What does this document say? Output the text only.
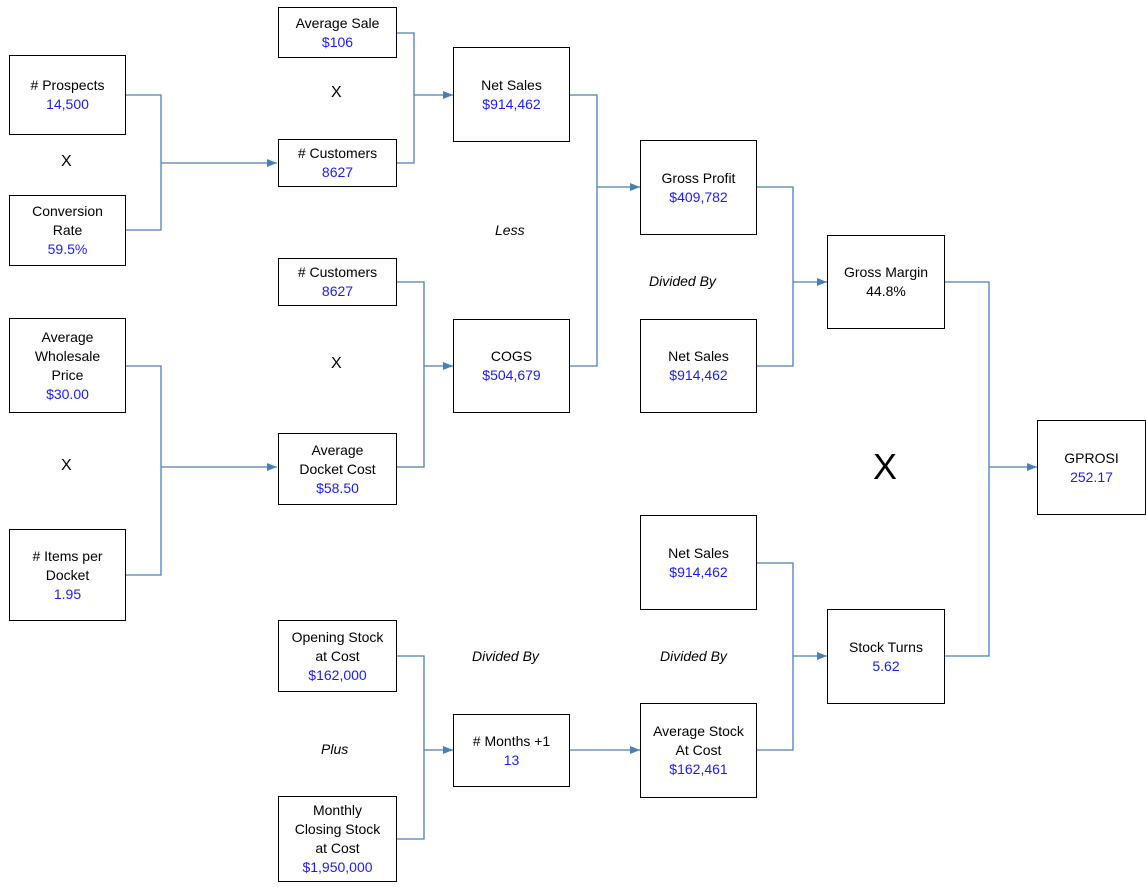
# Prospects
14,500
Conversion
Rate
59.5%
Average
Wholesale
Price
$30.00
# Items per
Docket
1.95
Average Sale
$106
# Customers
8627
# Customers
8627
Average
Docket Cost
$58.50
Opening Stock
at Cost
$162,000
Monthly
Closing Stock
at Cost
$1,950,000
Net Sales
$914,462
COGS
$504,679
# Months +1
13
Gross Profit
$409,782
Net Sales
$914,462
Net Sales
$914,462
Average Stock
At Cost
$162,461
Gross Margin
44.8%
Stock Turns
5.62
GPROSI
252.17
X
X
X
X
Less
Divided By
X
Divided By	Divided By
Plus
